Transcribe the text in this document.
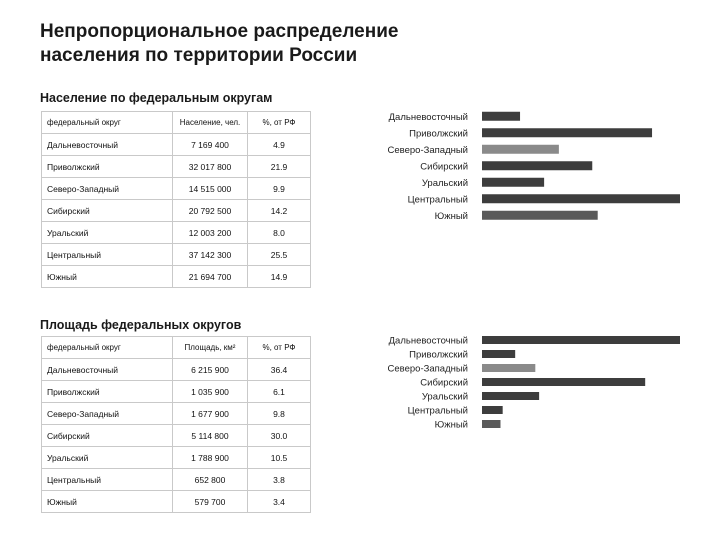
Непропорциональное распределение
населения по территории России
Население по федеральным округам
федеральный округ	Население, чел.	%, от РФ
Дальневосточный	7 169 400	4.9
Приволжский	32 017 800	21.9
Северо-Западный	14 515 000	9.9
Сибирский	20 792 500	14.2
Уральский	12 003 200	8.0
Центральный	37 142 300	25.5
Южный	21 694 700	14.9
Площадь федеральных округов
федеральный округ	Площадь, км²	%, от РФ
Дальневосточный	6 215 900	36.4
Приволжский	1 035 900	6.1
Северо-Западный	1 677 900	9.8
Сибирский	5 114 800	30.0
Уральский	1 788 900	10.5
Центральный	652 800	3.8
Южный	579 700	3.4
Дальневосточный
Приволжский
Северо-Западный
Сибирский
Уральский
Центральный
Южный
Дальневосточный
Приволжский
Северо-Западный
Сибирский
Уральский
Центральный
Южный
